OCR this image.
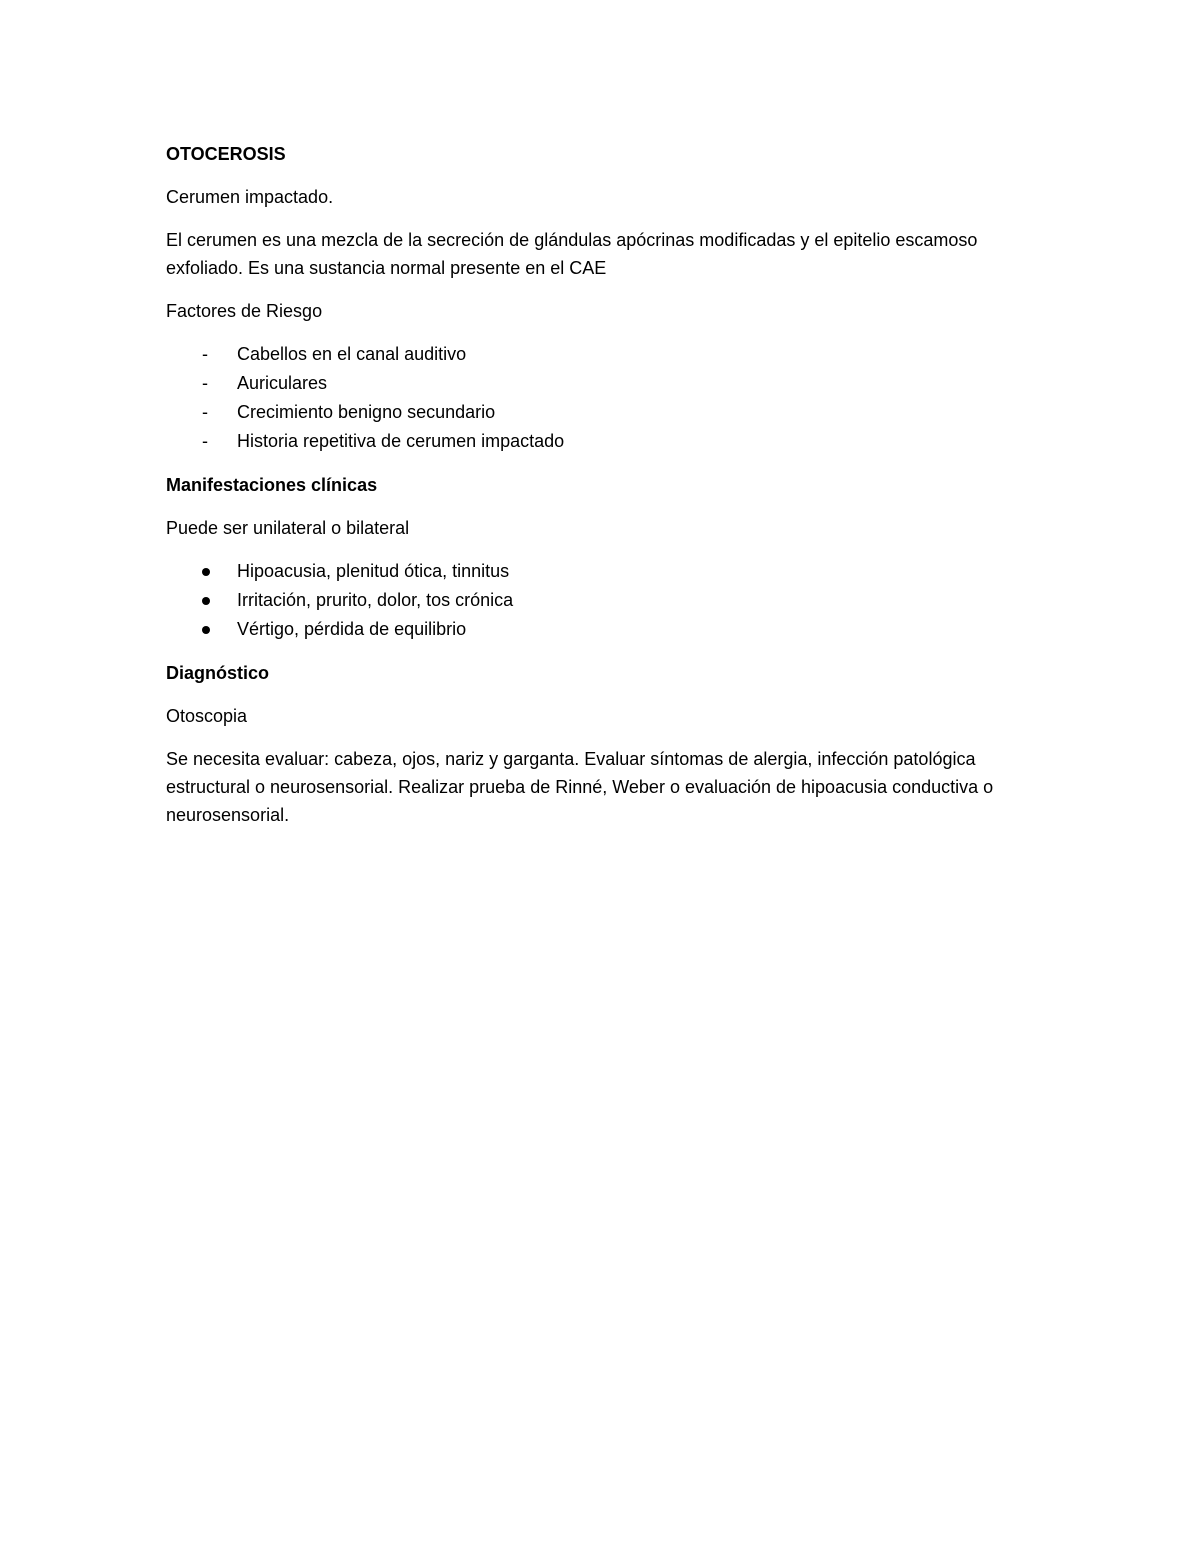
OTOCEROSIS

Cerumen impactado.

El cerumen es una mezcla de la secreción de glándulas apócrinas modificadas y el epitelio escamoso exfoliado. Es una sustancia normal presente en el CAE

Factores de Riesgo

- Cabellos en el canal auditivo
- Auriculares
- Crecimiento benigno secundario
- Historia repetitiva de cerumen impactado

Manifestaciones clínicas

Puede ser unilateral o bilateral

Hipoacusia, plenitud ótica, tinnitus
Irritación, prurito, dolor, tos crónica
Vértigo, pérdida de equilibrio

Diagnóstico

Otoscopia

Se necesita evaluar: cabeza, ojos, nariz y garganta. Evaluar síntomas de alergia, infección patológica estructural o neurosensorial. Realizar prueba de Rinné, Weber o evaluación de hipoacusia conductiva o neurosensorial.
